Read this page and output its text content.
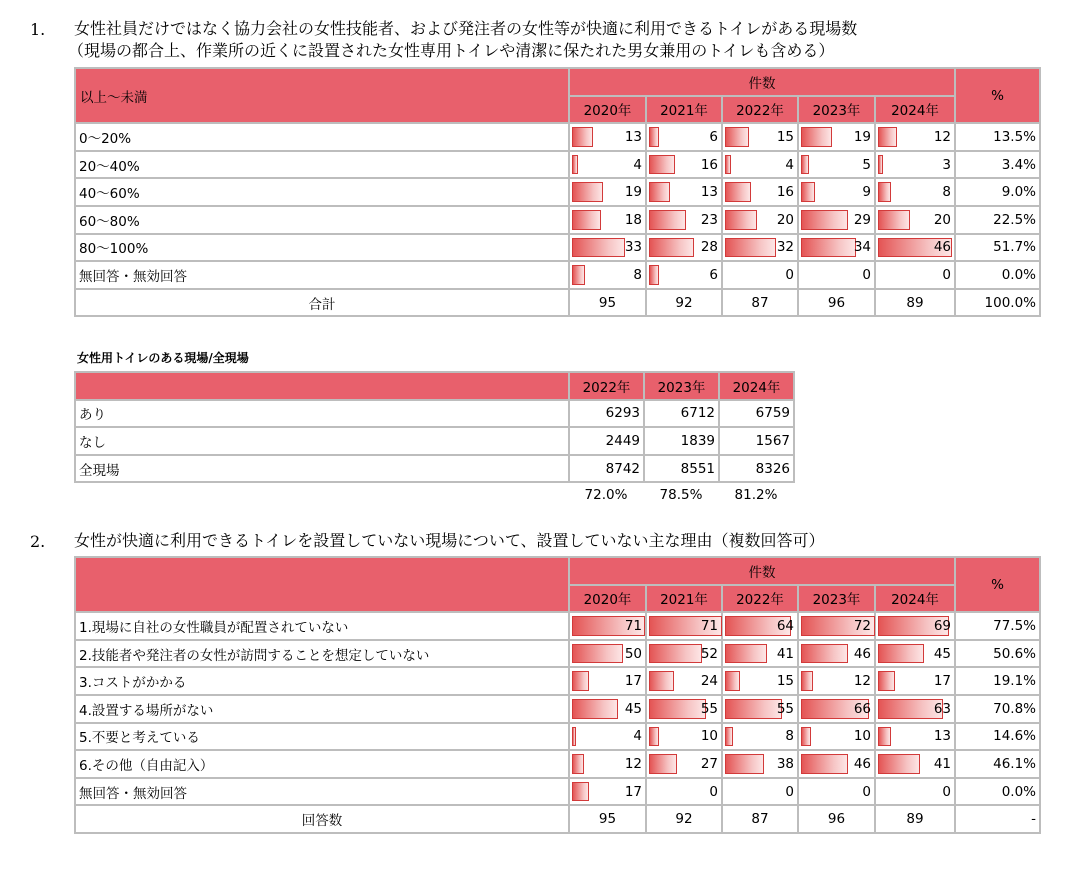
1. 女性社員だけではなく協力会社の女性技能者、および発注者の女性等が快適に利用できるトイレがある現場数
（現場の都合上、作業所の近くに設置された女性専用トイレや清潔に保たれた男女兼用のトイレも含める）
以上～未満	件数					%
	2020年	2021年	2022年	2023年	2024年	
0～20%	13	6	15	19	12	13.5%
20～40%	4	16	4	5	3	3.4%
40～60%	19	13	16	9	8	9.0%
60～80%	18	23	20	29	20	22.5%
80～100%	33	28	32	34	46	51.7%
無回答・無効回答	8	6	0	0	0	0.0%
合計	95	92	87	96	89	100.0%
女性用トイレのある現場/全現場
	2022年	2023年	2024年
あり	6293	6712	6759
なし	2449	1839	1567
全現場	8742	8551	8326
72.0%	78.5%	81.2%
2. 女性が快適に利用できるトイレを設置していない現場について、設置していない主な理由（複数回答可）
	件数					%
	2020年	2021年	2022年	2023年	2024年	
1.現場に自社の女性職員が配置されていない	71	71	64	72	69	77.5%
2.技能者や発注者の女性が訪問することを想定していない	50	52	41	46	45	50.6%
3.コストがかかる	17	24	15	12	17	19.1%
4.設置する場所がない	45	55	55	66	63	70.8%
5.不要と考えている	4	10	8	10	13	14.6%
6.その他（自由記入）	12	27	38	46	41	46.1%
無回答・無効回答	17	0	0	0	0	0.0%
回答数	95	92	87	96	89	-
